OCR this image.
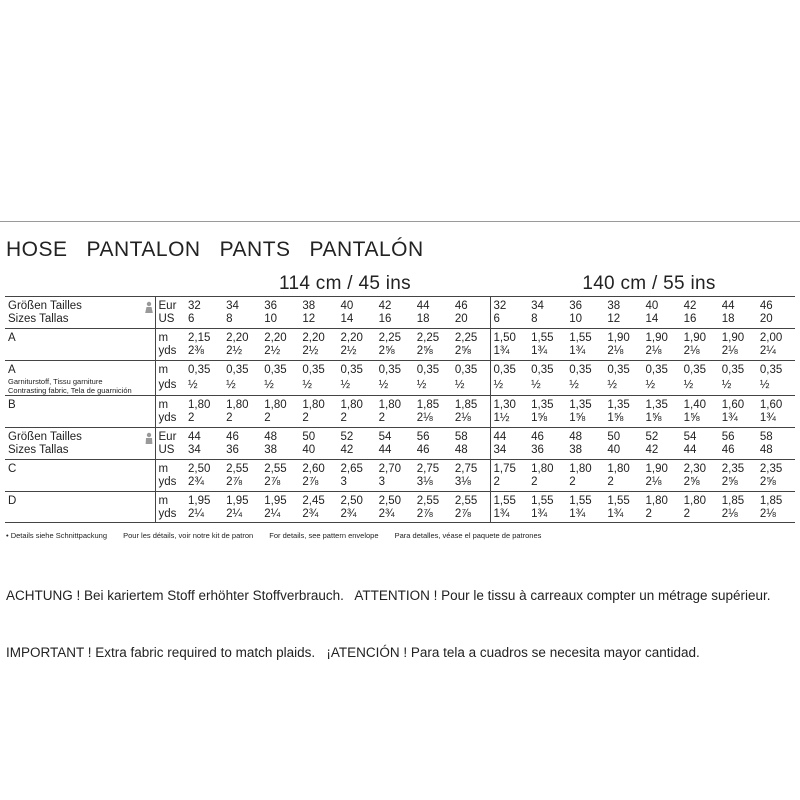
HOSE   PANTALON   PANTS   PANTALÓN
114 cm / 45 ins	140 cm / 55 ins
Größen Tailles	Eur	32	34	36	38	40	42	44	46	32	34	36	38	40	42	44	46
Sizes Tallas	US	6	8	10	12	14	16	18	20	6	8	10	12	14	16	18	20
A	m	2,15	2,20	2,20	2,20	2,20	2,25	2,25	2,25	1,50	1,55	1,55	1,90	1,90	1,90	1,90	2,00
	yds	2⅜	2½	2½	2½	2½	2⅝	2⅝	2⅝	1¾	1¾	1¾	2⅛	2⅛	2⅛	2⅛	2¼
A
Garniturstoff, Tissu garniture
Contrasting fabric, Tela de guarnición	m	0,35	0,35	0,35	0,35	0,35	0,35	0,35	0,35	0,35	0,35	0,35	0,35	0,35	0,35	0,35	0,35
	yds	½	½	½	½	½	½	½	½	½	½	½	½	½	½	½	½
B	m	1,80	1,80	1,80	1,80	1,80	1,80	1,85	1,85	1,30	1,35	1,35	1,35	1,35	1,40	1,60	1,60
	yds	2	2	2	2	2	2	2⅛	2⅛	1½	1⅝	1⅝	1⅝	1⅝	1⅝	1¾	1¾

Größen Tailles	Eur	44	46	48	50	52	54	56	58	44	46	48	50	52	54	56	58
Sizes Tallas	US	34	36	38	40	42	44	46	48	34	36	38	40	42	44	46	48
C	m	2,50	2,55	2,55	2,60	2,65	2,70	2,75	2,75	1,75	1,80	1,80	1,80	1,90	2,30	2,35	2,35
	yds	2¾	2⅞	2⅞	2⅞	3	3	3⅛	3⅛	2	2	2	2	2⅛	2⅝	2⅝	2⅝
D	m	1,95	1,95	1,95	2,45	2,50	2,50	2,55	2,55	1,55	1,55	1,55	1,55	1,80	1,80	1,85	1,85
	yds	2¼	2¼	2¼	2¾	2¾	2¾	2⅞	2⅞	1¾	1¾	1¾	1¾	2	2	2⅛	2⅛
• Details siehe Schnittpackung Pour les détails, voir notre kit de patron For details, see pattern envelope Para detalles, véase el paquete de patrones

ACHTUNG ! Bei kariertem Stoff erhöhter Stoffverbrauch.   ATTENTION ! Pour le tissu à carreaux compter un métrage supérieur.

IMPORTANT ! Extra fabric required to match plaids.   ¡ATENCIÓN ! Para tela a cuadros se necesita mayor cantidad.
